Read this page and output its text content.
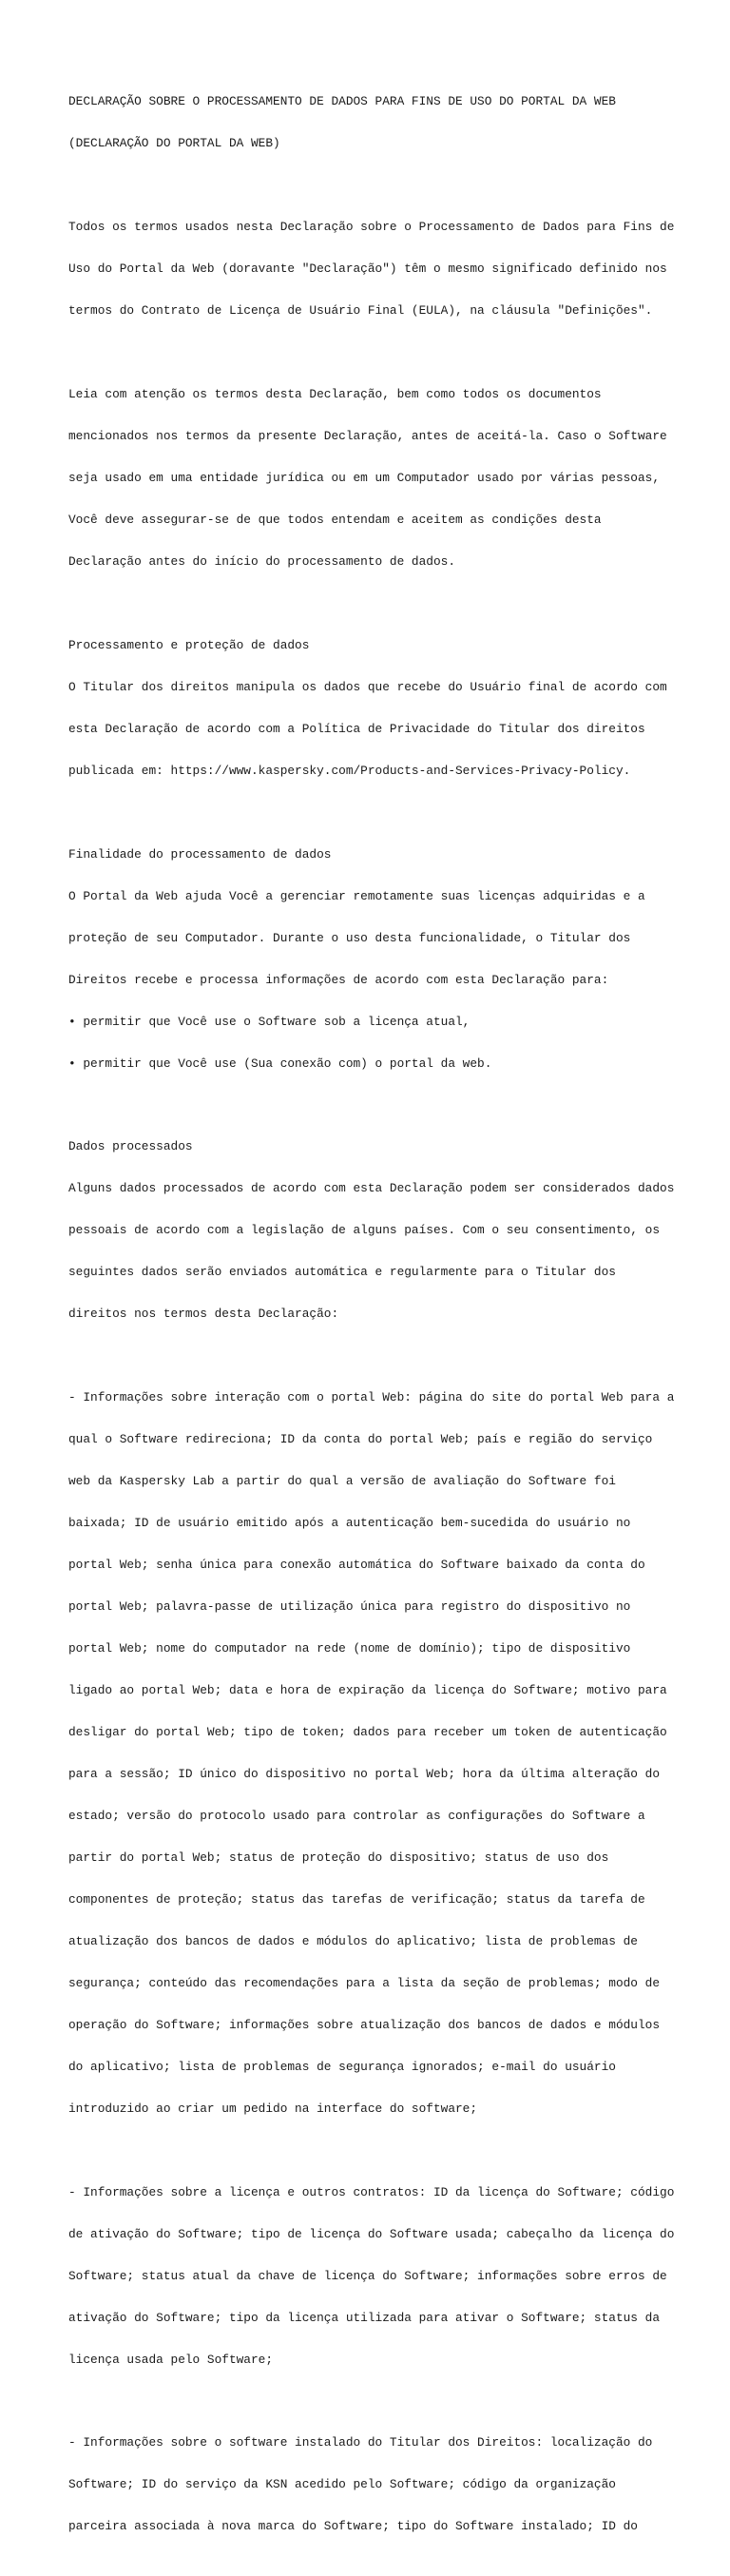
DECLARAÇÃO SOBRE O PROCESSAMENTO DE DADOS PARA FINS DE USO DO PORTAL DA WEB

(DECLARAÇÃO DO PORTAL DA WEB)

Todos os termos usados nesta Declaração sobre o Processamento de Dados para Fins de

Uso do Portal da Web (doravante "Declaração") têm o mesmo significado definido nos

termos do Contrato de Licença de Usuário Final (EULA), na cláusula "Definições".

Leia com atenção os termos desta Declaração, bem como todos os documentos

mencionados nos termos da presente Declaração, antes de aceitá-la. Caso o Software

seja usado em uma entidade jurídica ou em um Computador usado por várias pessoas,

Você deve assegurar-se de que todos entendam e aceitem as condições desta

Declaração antes do início do processamento de dados.

Processamento e proteção de dados

O Titular dos direitos manipula os dados que recebe do Usuário final de acordo com

esta Declaração de acordo com a Política de Privacidade do Titular dos direitos

publicada em: https://www.kaspersky.com/Products-and-Services-Privacy-Policy.

Finalidade do processamento de dados

O Portal da Web ajuda Você a gerenciar remotamente suas licenças adquiridas e a

proteção de seu Computador. Durante o uso desta funcionalidade, o Titular dos

Direitos recebe e processa informações de acordo com esta Declaração para:

• permitir que Você use o Software sob a licença atual,

• permitir que Você use (Sua conexão com) o portal da web.

Dados processados

Alguns dados processados de acordo com esta Declaração podem ser considerados dados

pessoais de acordo com a legislação de alguns países. Com o seu consentimento, os

seguintes dados serão enviados automática e regularmente para o Titular dos

direitos nos termos desta Declaração:

- Informações sobre interação com o portal Web: página do site do portal Web para a

qual o Software redireciona; ID da conta do portal Web; país e região do serviço

web da Kaspersky Lab a partir do qual a versão de avaliação do Software foi

baixada; ID de usuário emitido após a autenticação bem-sucedida do usuário no

portal Web; senha única para conexão automática do Software baixado da conta do

portal Web; palavra-passe de utilização única para registro do dispositivo no

portal Web; nome do computador na rede (nome de domínio); tipo de dispositivo

ligado ao portal Web; data e hora de expiração da licença do Software; motivo para

desligar do portal Web; tipo de token; dados para receber um token de autenticação

para a sessão; ID único do dispositivo no portal Web; hora da última alteração do

estado; versão do protocolo usado para controlar as configurações do Software a

partir do portal Web; status de proteção do dispositivo; status de uso dos

componentes de proteção; status das tarefas de verificação; status da tarefa de

atualização dos bancos de dados e módulos do aplicativo; lista de problemas de

segurança; conteúdo das recomendações para a lista da seção de problemas; modo de

operação do Software; informações sobre atualização dos bancos de dados e módulos

do aplicativo; lista de problemas de segurança ignorados; e-mail do usuário

introduzido ao criar um pedido na interface do software;

- Informações sobre a licença e outros contratos: ID da licença do Software; código

de ativação do Software; tipo de licença do Software usada; cabeçalho da licença do

Software; status atual da chave de licença do Software; informações sobre erros de

ativação do Software; tipo da licença utilizada para ativar o Software; status da

licença usada pelo Software;

- Informações sobre o software instalado do Titular dos Direitos: localização do

Software; ID do serviço da KSN acedido pelo Software; código da organização

parceira associada à nova marca do Software; tipo do Software instalado; ID do
